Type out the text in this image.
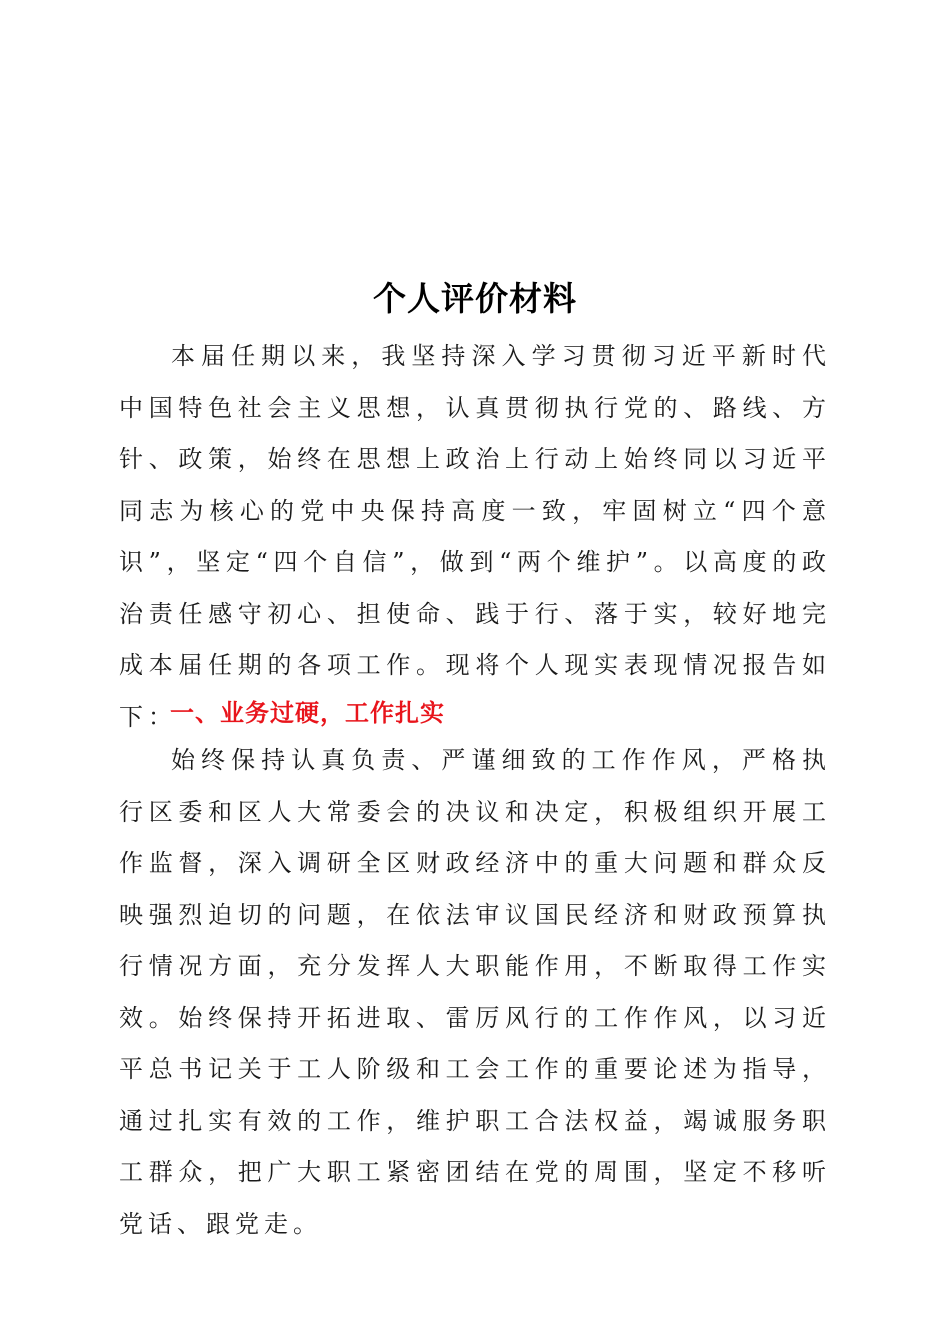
个人评价材料

本届任期以来，我坚持深入学习贯彻习近平新时代中国特色社会主义思想，认真贯彻执行党的、路线、方针、政策，始终在思想上政治上行动上始终同以习近平同志为核心的党中央保持高度一致，牢固树立“四个意识”，坚定“四个自信”，做到“两个维护”。以高度的政治责任感守初心、担使命、践于行、落于实，较好地完成本届任期的各项工作。现将个人现实表现情况报告如下：

一、业务过硬，工作扎实

始终保持认真负责、严谨细致的工作作风，严格执行区委和区人大常委会的决议和决定，积极组织开展工作监督，深入调研全区财政经济中的重大问题和群众反映强烈迫切的问题，在依法审议国民经济和财政预算执行情况方面，充分发挥人大职能作用，不断取得工作实效。始终保持开拓进取、雷厉风行的工作作风，以习近平总书记关于工人阶级和工会工作的重要论述为指导，通过扎实有效的工作，维护职工合法权益，竭诚服务职工群众，把广大职工紧密团结在党的周围，坚定不移听党话、跟党走。
